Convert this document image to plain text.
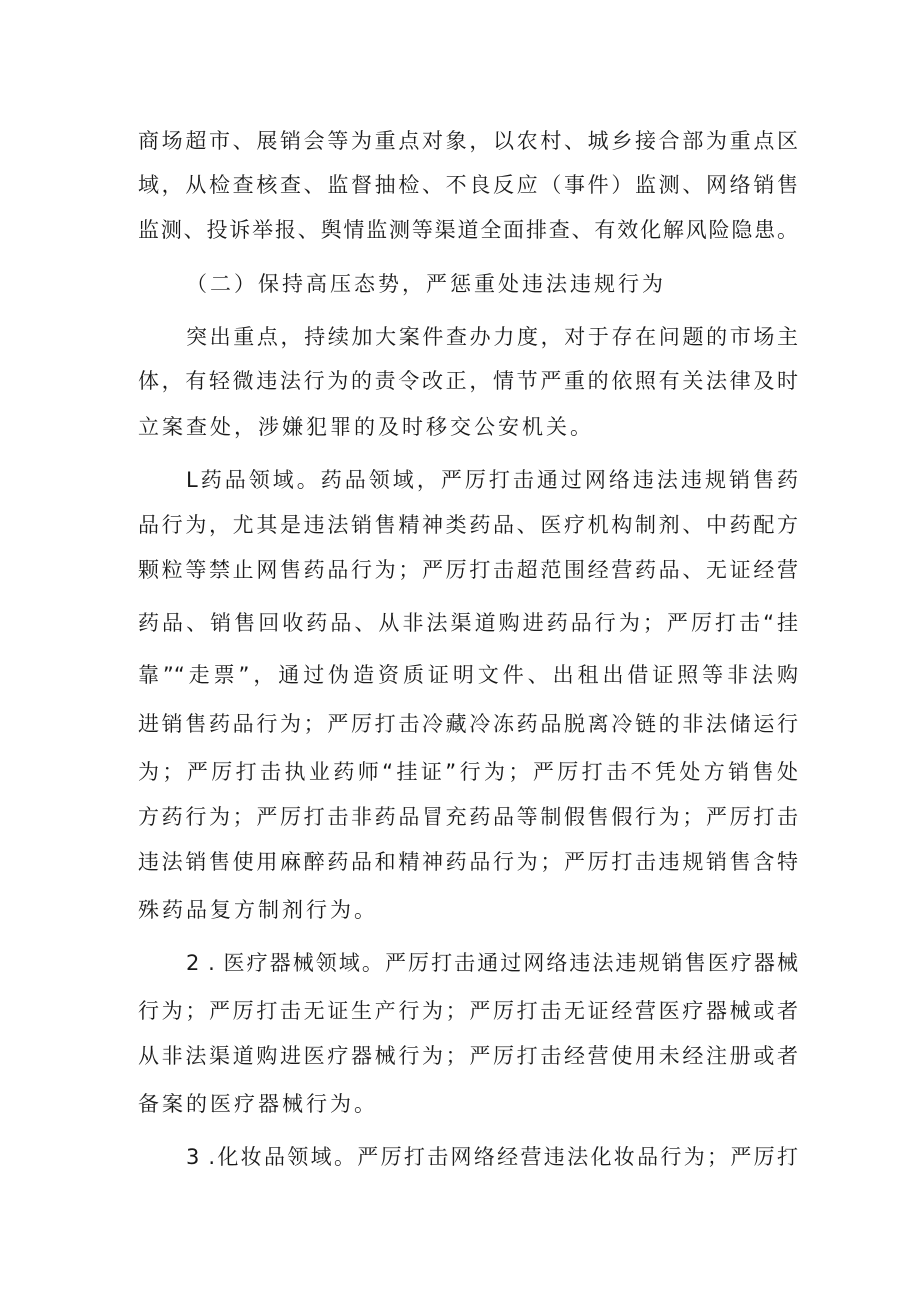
商场超市、展销会等为重点对象，以农村、城乡接合部为重点区
域，从检查核查、监督抽检、不良反应（事件）监测、网络销售
监测、投诉举报、舆情监测等渠道全面排查、有效化解风险隐患。
（二）保持高压态势，严惩重处违法违规行为
突出重点，持续加大案件查办力度，对于存在问题的市场主
体，有轻微违法行为的责令改正，情节严重的依照有关法律及时
立案查处，涉嫌犯罪的及时移交公安机关。
L药品领域。药品领域，严厉打击通过网络违法违规销售药
品行为，尤其是违法销售精神类药品、医疗机构制剂、中药配方
颗粒等禁止网售药品行为；严厉打击超范围经营药品、无证经营
药品、销售回收药品、从非法渠道购进药品行为；严厉打击“挂
靠”“走票”，通过伪造资质证明文件、出租出借证照等非法购
进销售药品行为；严厉打击冷藏冷冻药品脱离冷链的非法储运行
为；严厉打击执业药师“挂证”行为；严厉打击不凭处方销售处
方药行为；严厉打击非药品冒充药品等制假售假行为；严厉打击
违法销售使用麻醉药品和精神药品行为；严厉打击违规销售含特
殊药品复方制剂行为。
2 . 医疗器械领域。严厉打击通过网络违法违规销售医疗器械
行为；严厉打击无证生产行为；严厉打击无证经营医疗器械或者
从非法渠道购进医疗器械行为；严厉打击经营使用未经注册或者
备案的医疗器械行为。
3 .化妆品领域。严厉打击网络经营违法化妆品行为；严厉打
